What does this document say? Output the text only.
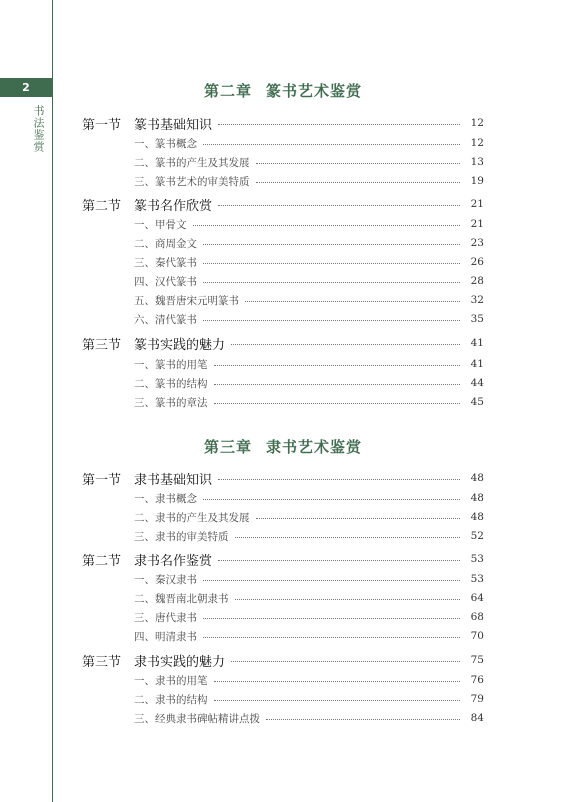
2
书法鉴赏
第二章 篆书艺术鉴赏
第一节 篆书基础知识	12
一、篆书概念	12
二、篆书的产生及其发展	13
三、篆书艺术的审美特质	19
第二节 篆书名作欣赏	21
一、甲骨文	21
二、商周金文	23
三、秦代篆书	26
四、汉代篆书	28
五、魏晋唐宋元明篆书	32
六、清代篆书	35
第三节 篆书实践的魅力	41
一、篆书的用笔	41
二、篆书的结构	44
三、篆书的章法	45
第三章 隶书艺术鉴赏
第一节 隶书基础知识	48
一、隶书概念	48
二、隶书的产生及其发展	48
三、隶书的审美特质	52
第二节 隶书名作鉴赏	53
一、秦汉隶书	53
二、魏晋南北朝隶书	64
三、唐代隶书	68
四、明清隶书	70
第三节 隶书实践的魅力	75
一、隶书的用笔	76
二、隶书的结构	79
三、经典隶书碑帖精讲点拨	84
